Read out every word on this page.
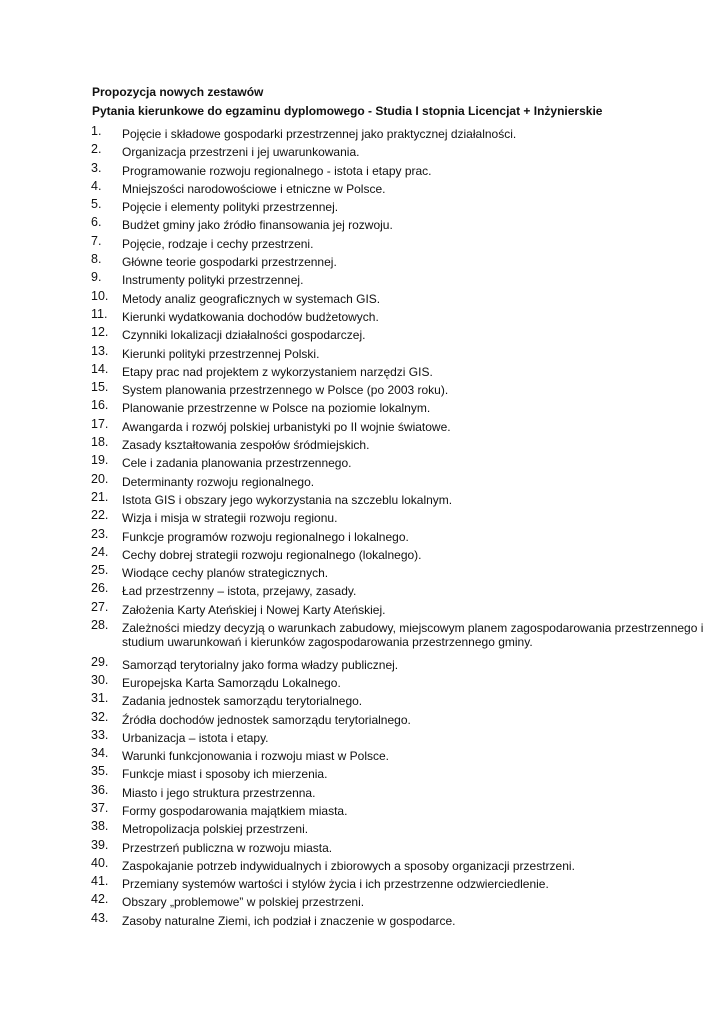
Propozycja nowych zestawów
Pytania kierunkowe do egzaminu dyplomowego - Studia I stopnia Licencjat + Inżynierskie
1. Pojęcie i składowe gospodarki przestrzennej jako praktycznej działalności.
2. Organizacja przestrzeni i jej uwarunkowania.
3. Programowanie rozwoju regionalnego - istota i etapy prac.
4. Mniejszości narodowościowe i etniczne w Polsce.
5. Pojęcie i elementy polityki przestrzennej.
6. Budżet gminy jako źródło finansowania jej rozwoju.
7. Pojęcie, rodzaje i cechy przestrzeni.
8. Główne teorie gospodarki przestrzennej.
9. Instrumenty polityki przestrzennej.
10. Metody analiz geograficznych w systemach GIS.
11. Kierunki wydatkowania dochodów budżetowych.
12. Czynniki lokalizacji działalności gospodarczej.
13. Kierunki polityki przestrzennej Polski.
14. Etapy prac nad projektem z wykorzystaniem narzędzi GIS.
15. System planowania przestrzennego w Polsce (po 2003 roku).
16. Planowanie przestrzenne w Polsce na poziomie lokalnym.
17. Awangarda i rozwój polskiej urbanistyki po II wojnie światowe.
18. Zasady kształtowania zespołów śródmiejskich.
19. Cele i zadania planowania przestrzennego.
20. Determinanty rozwoju regionalnego.
21. Istota GIS i obszary jego wykorzystania na szczeblu lokalnym.
22. Wizja i misja w strategii rozwoju regionu.
23. Funkcje programów rozwoju regionalnego i lokalnego.
24. Cechy dobrej strategii rozwoju regionalnego (lokalnego).
25. Wiodące cechy planów strategicznych.
26. Ład przestrzenny – istota, przejawy, zasady.
27. Założenia Karty Ateńskiej i Nowej Karty Ateńskiej.
28. Zależności miedzy decyzją o warunkach zabudowy, miejscowym planem zagospodarowania przestrzennego i studium uwarunkowań i kierunków zagospodarowania przestrzennego gminy.
29. Samorząd terytorialny jako forma władzy publicznej.
30. Europejska Karta Samorządu Lokalnego.
31. Zadania jednostek samorządu terytorialnego.
32. Źródła dochodów jednostek samorządu terytorialnego.
33. Urbanizacja – istota i etapy.
34. Warunki funkcjonowania i rozwoju miast w Polsce.
35. Funkcje miast i sposoby ich mierzenia.
36. Miasto i jego struktura przestrzenna.
37. Formy gospodarowania majątkiem miasta.
38. Metropolizacja polskiej przestrzeni.
39. Przestrzeń publiczna w rozwoju miasta.
40. Zaspokajanie potrzeb indywidualnych i zbiorowych a sposoby organizacji przestrzeni.
41. Przemiany systemów wartości i stylów życia i ich przestrzenne odzwierciedlenie.
42. Obszary „problemowe” w polskiej przestrzeni.
43. Zasoby naturalne Ziemi, ich podział i znaczenie w gospodarce.
